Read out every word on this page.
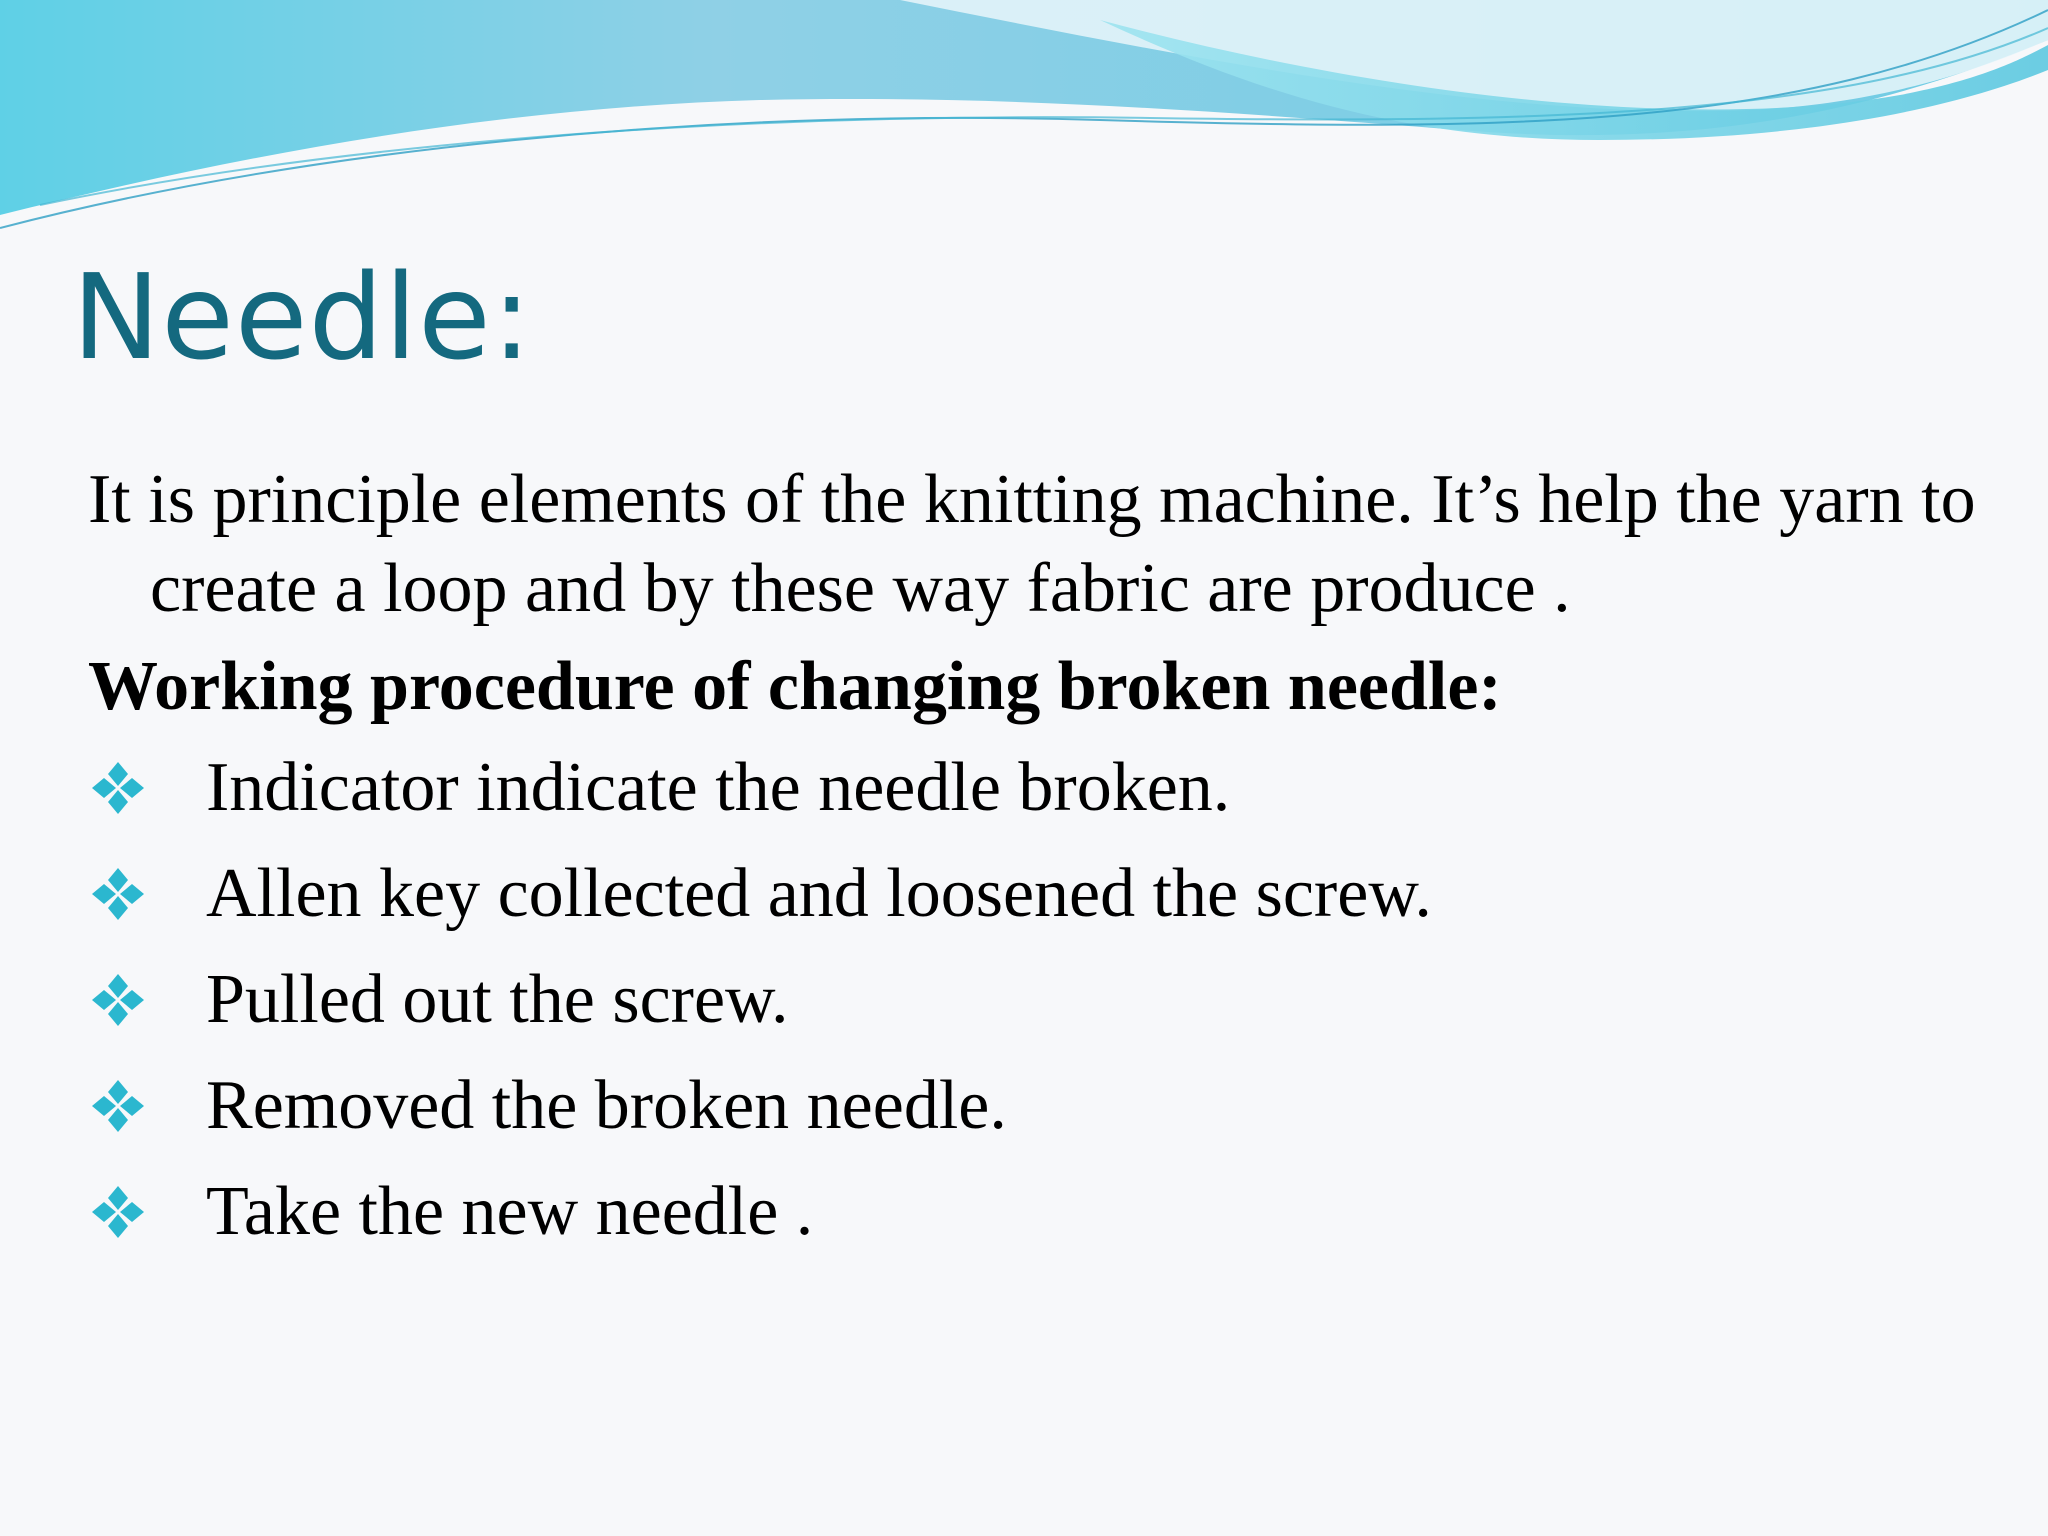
Needle:

It is principle elements of the knitting machine. It’s help the yarn to create a loop and by these way fabric are produce .

Working procedure of changing broken needle:

Indicator indicate the needle broken.
Allen key collected and loosened the screw.
Pulled out the screw.
Removed the broken needle.
Take the new needle .
